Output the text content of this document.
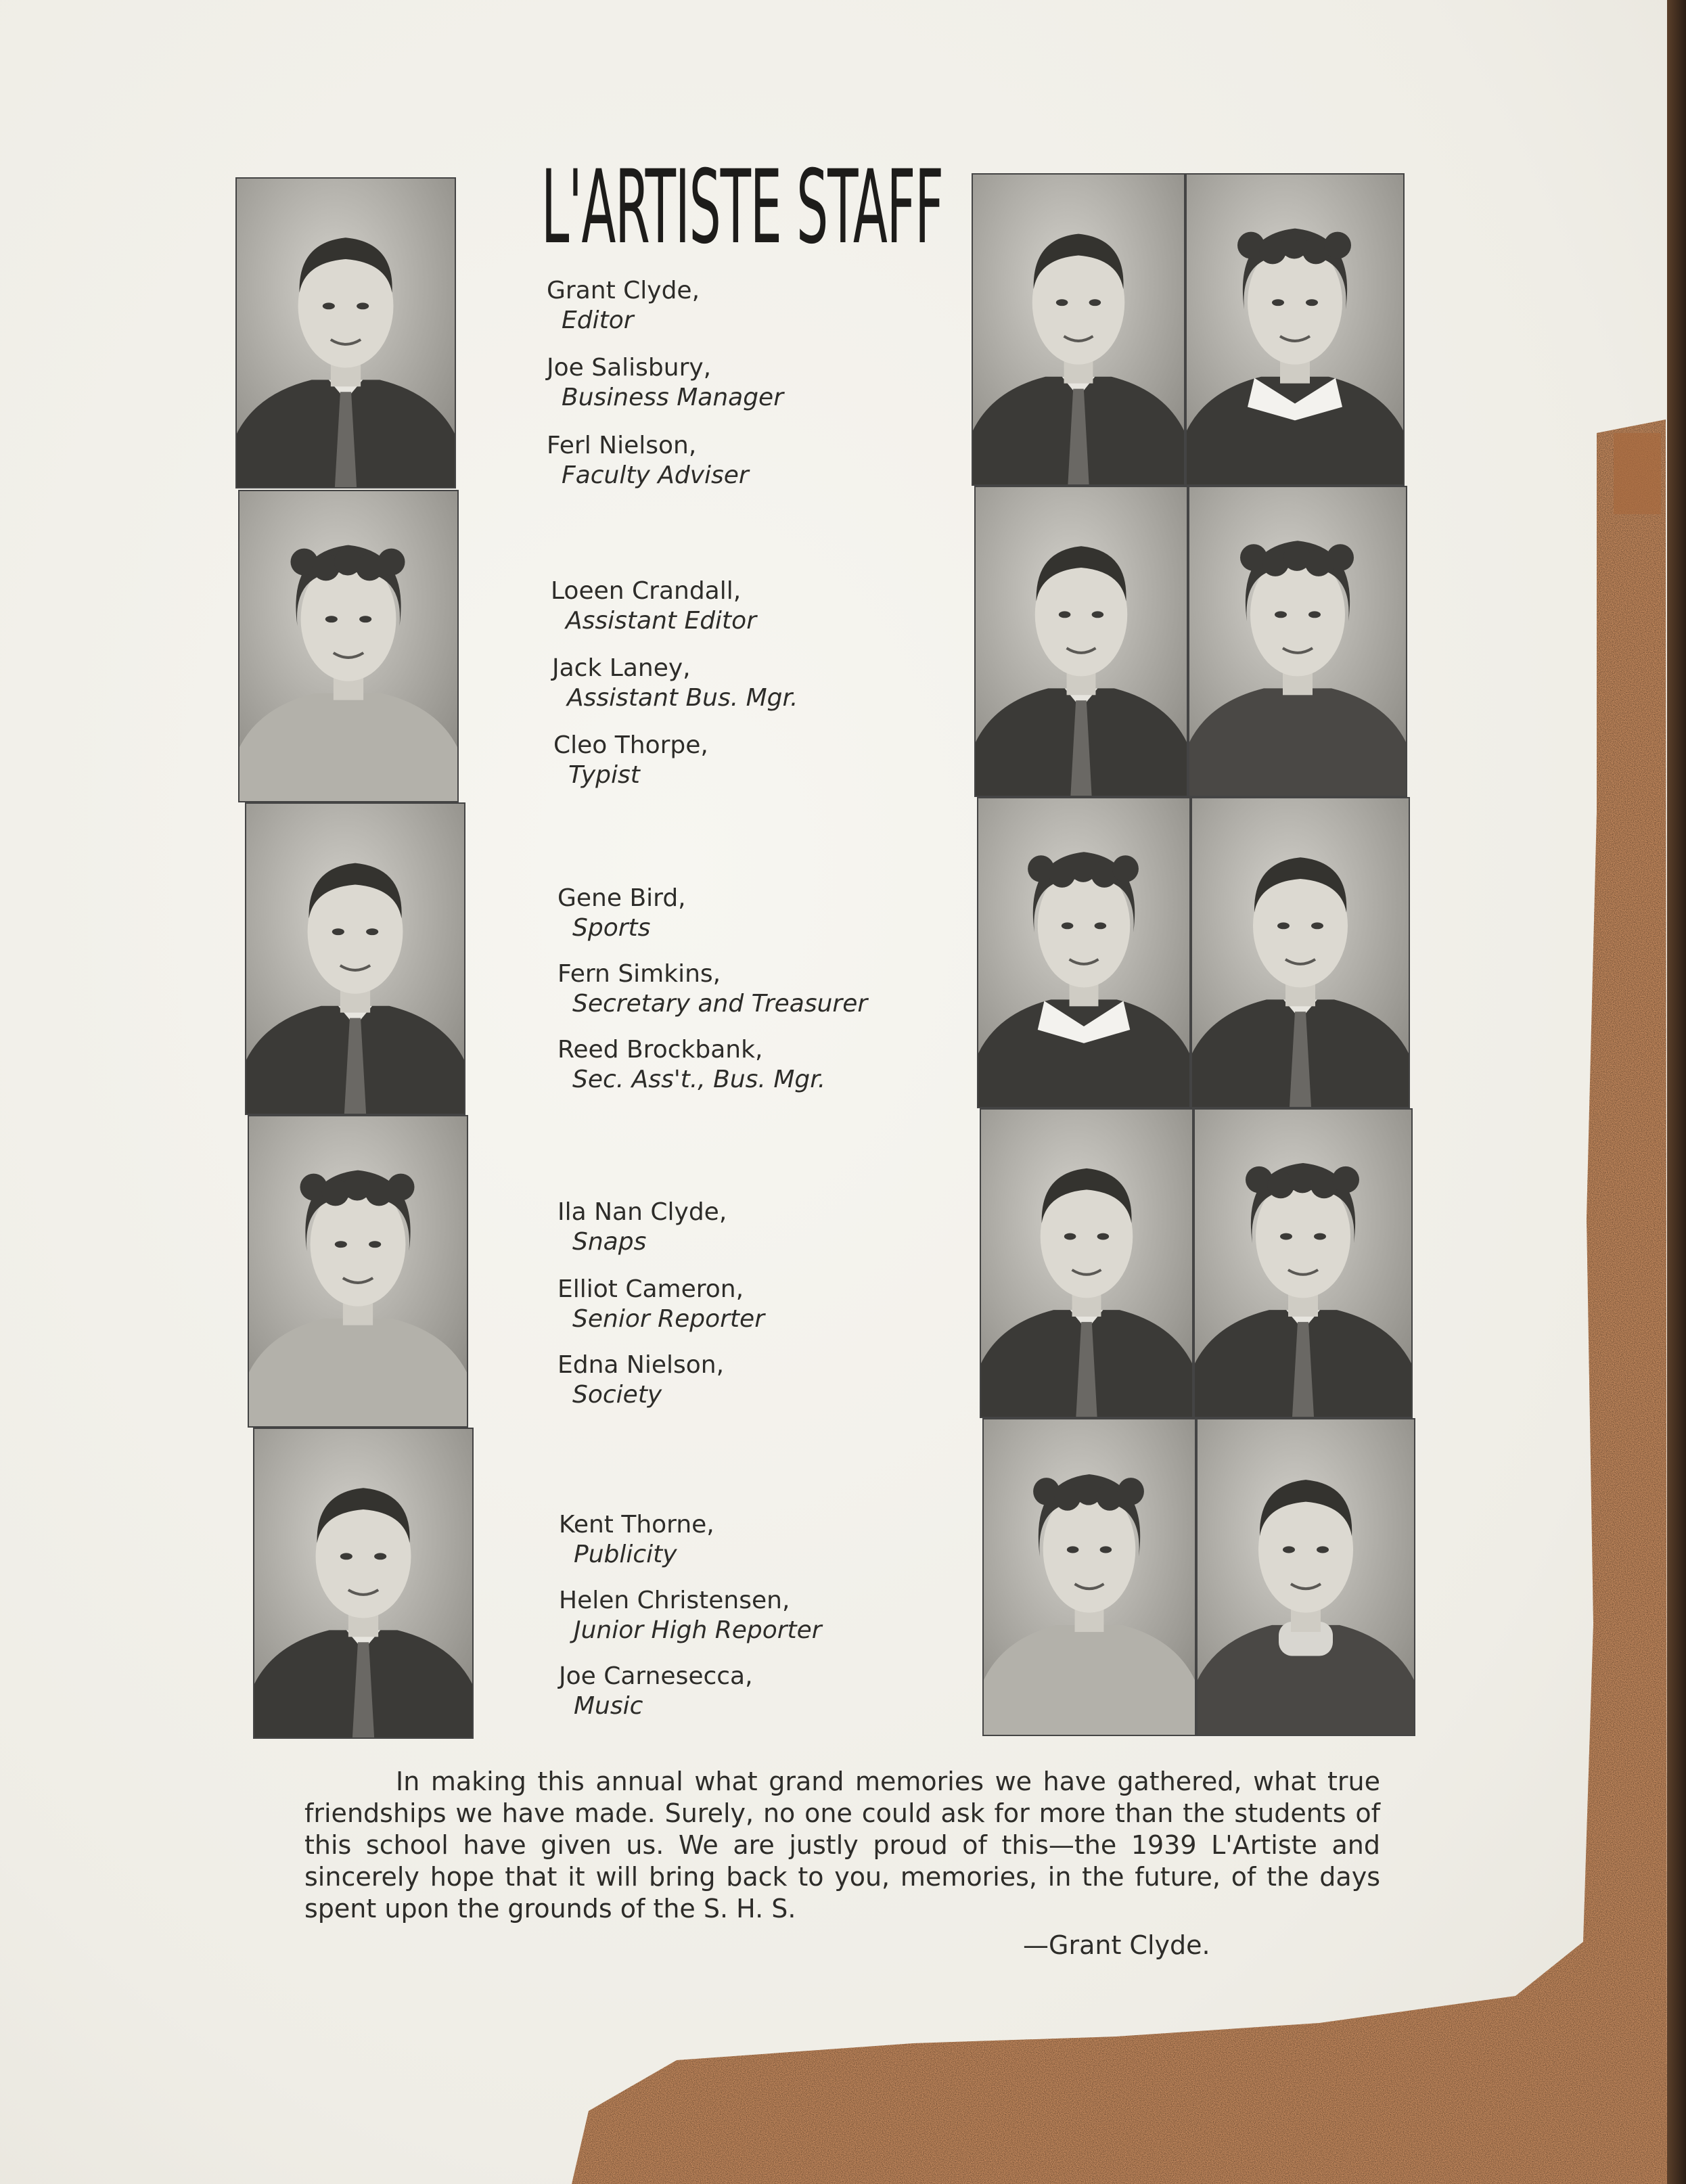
L'ARTISTE STAFF
Grant Clyde,
Editor
Joe Salisbury,
Business Manager
Ferl Nielson,
Faculty Adviser
Loeen Crandall,
Assistant Editor
Jack Laney,
Assistant Bus. Mgr.
Cleo Thorpe,
Typist
Gene Bird,
Sports
Fern Simkins,
Secretary and Treasurer
Reed Brockbank,
Sec. Ass't., Bus. Mgr.
Ila Nan Clyde,
Snaps
Elliot Cameron,
Senior Reporter
Edna Nielson,
Society
Kent Thorne,
Publicity
Helen Christensen,
Junior High Reporter
Joe Carnesecca,
Music
In making this annual what grand memories we have gathered, what true friendships we have made. Surely, no one could ask for more than the students of this school have given us. We are justly proud of this—the 1939 L'Artiste and sincerely hope that it will bring back to you, memories, in the future, of the days spent upon the grounds of the S. H. S.
—Grant Clyde.
